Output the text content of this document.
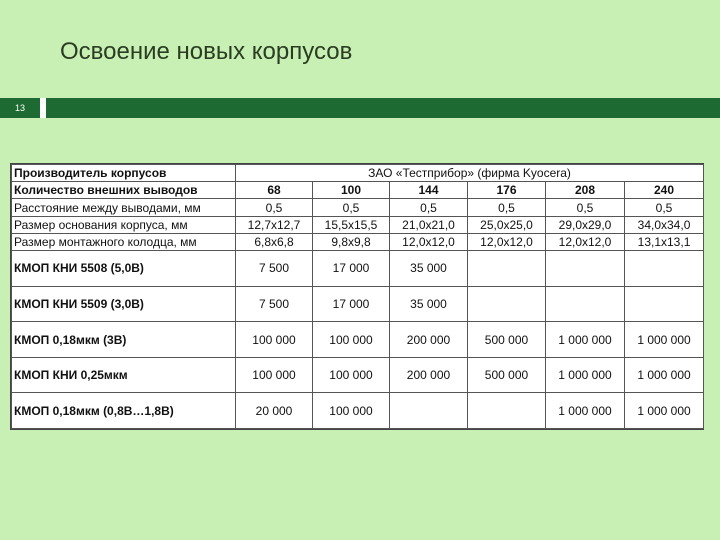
Освоение новых корпусов
13
Производитель корпусов	ЗАО «Тестприбор» (фирма Kyocera)					
Количество внешних выводов	68	100	144	176	208	240
Расстояние между выводами, мм	0,5	0,5	0,5	0,5	0,5	0,5
Размер основания корпуса, мм	12,7x12,7	15,5x15,5	21,0x21,0	25,0x25,0	29,0x29,0	34,0x34,0
Размер монтажного колодца, мм	6,8x6,8	9,8x9,8	12,0x12,0	12,0x12,0	12,0x12,0	13,1x13,1
КМОП КНИ 5508 (5,0В)	7 500	17 000	35 000			
КМОП КНИ 5509 (3,0В)	7 500	17 000	35 000			
КМОП 0,18мкм (3В)	100 000	100 000	200 000	500 000	1 000 000	1 000 000
КМОП КНИ 0,25мкм	100 000	100 000	200 000	500 000	1 000 000	1 000 000
КМОП 0,18мкм (0,8В…1,8В)	20 000	100 000			1 000 000	1 000 000
